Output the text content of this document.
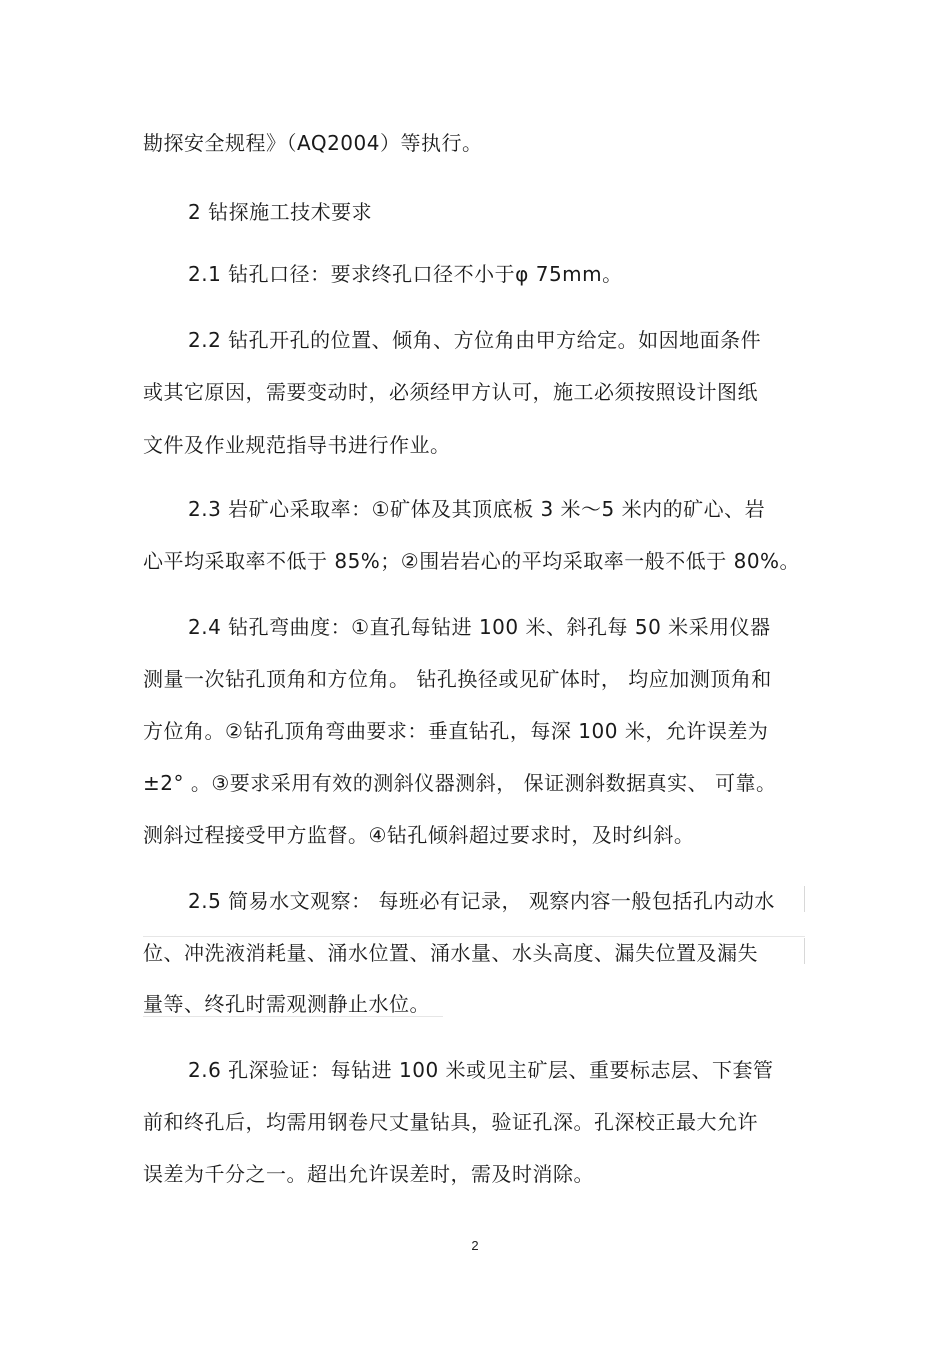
勘探安全规程》（AQ2004）等执行。
2 钻探施工技术要求
2.1 钻孔口径：要求终孔口径不小于φ 75mm。
2.2 钻孔开孔的位置、倾角、方位角由甲方给定。如因地面条件
或其它原因，需要变动时，必须经甲方认可，施工必须按照设计图纸
文件及作业规范指导书进行作业。
2.3 岩矿心采取率：①矿体及其顶底板 3 米～5 米内的矿心、岩
心平均采取率不低于 85%；②围岩岩心的平均采取率一般不低于 80%。
2.4 钻孔弯曲度：①直孔每钻进 100 米、斜孔每 50 米采用仪器
测量一次钻孔顶角和方位角。 钻孔换径或见矿体时， 均应加测顶角和
方位角。②钻孔顶角弯曲要求：垂直钻孔，每深 100 米，允许误差为
±2° 。③要求采用有效的测斜仪器测斜， 保证测斜数据真实、 可靠。
测斜过程接受甲方监督。④钻孔倾斜超过要求时，及时纠斜。
2.5 简易水文观察： 每班必有记录， 观察内容一般包括孔内动水
位、冲洗液消耗量、涌水位置、涌水量、水头高度、漏失位置及漏失
量等、终孔时需观测静止水位。
2.6 孔深验证：每钻进 100 米或见主矿层、重要标志层、下套管
前和终孔后，均需用钢卷尺丈量钻具，验证孔深。孔深校正最大允许
误差为千分之一。超出允许误差时，需及时消除。
2
